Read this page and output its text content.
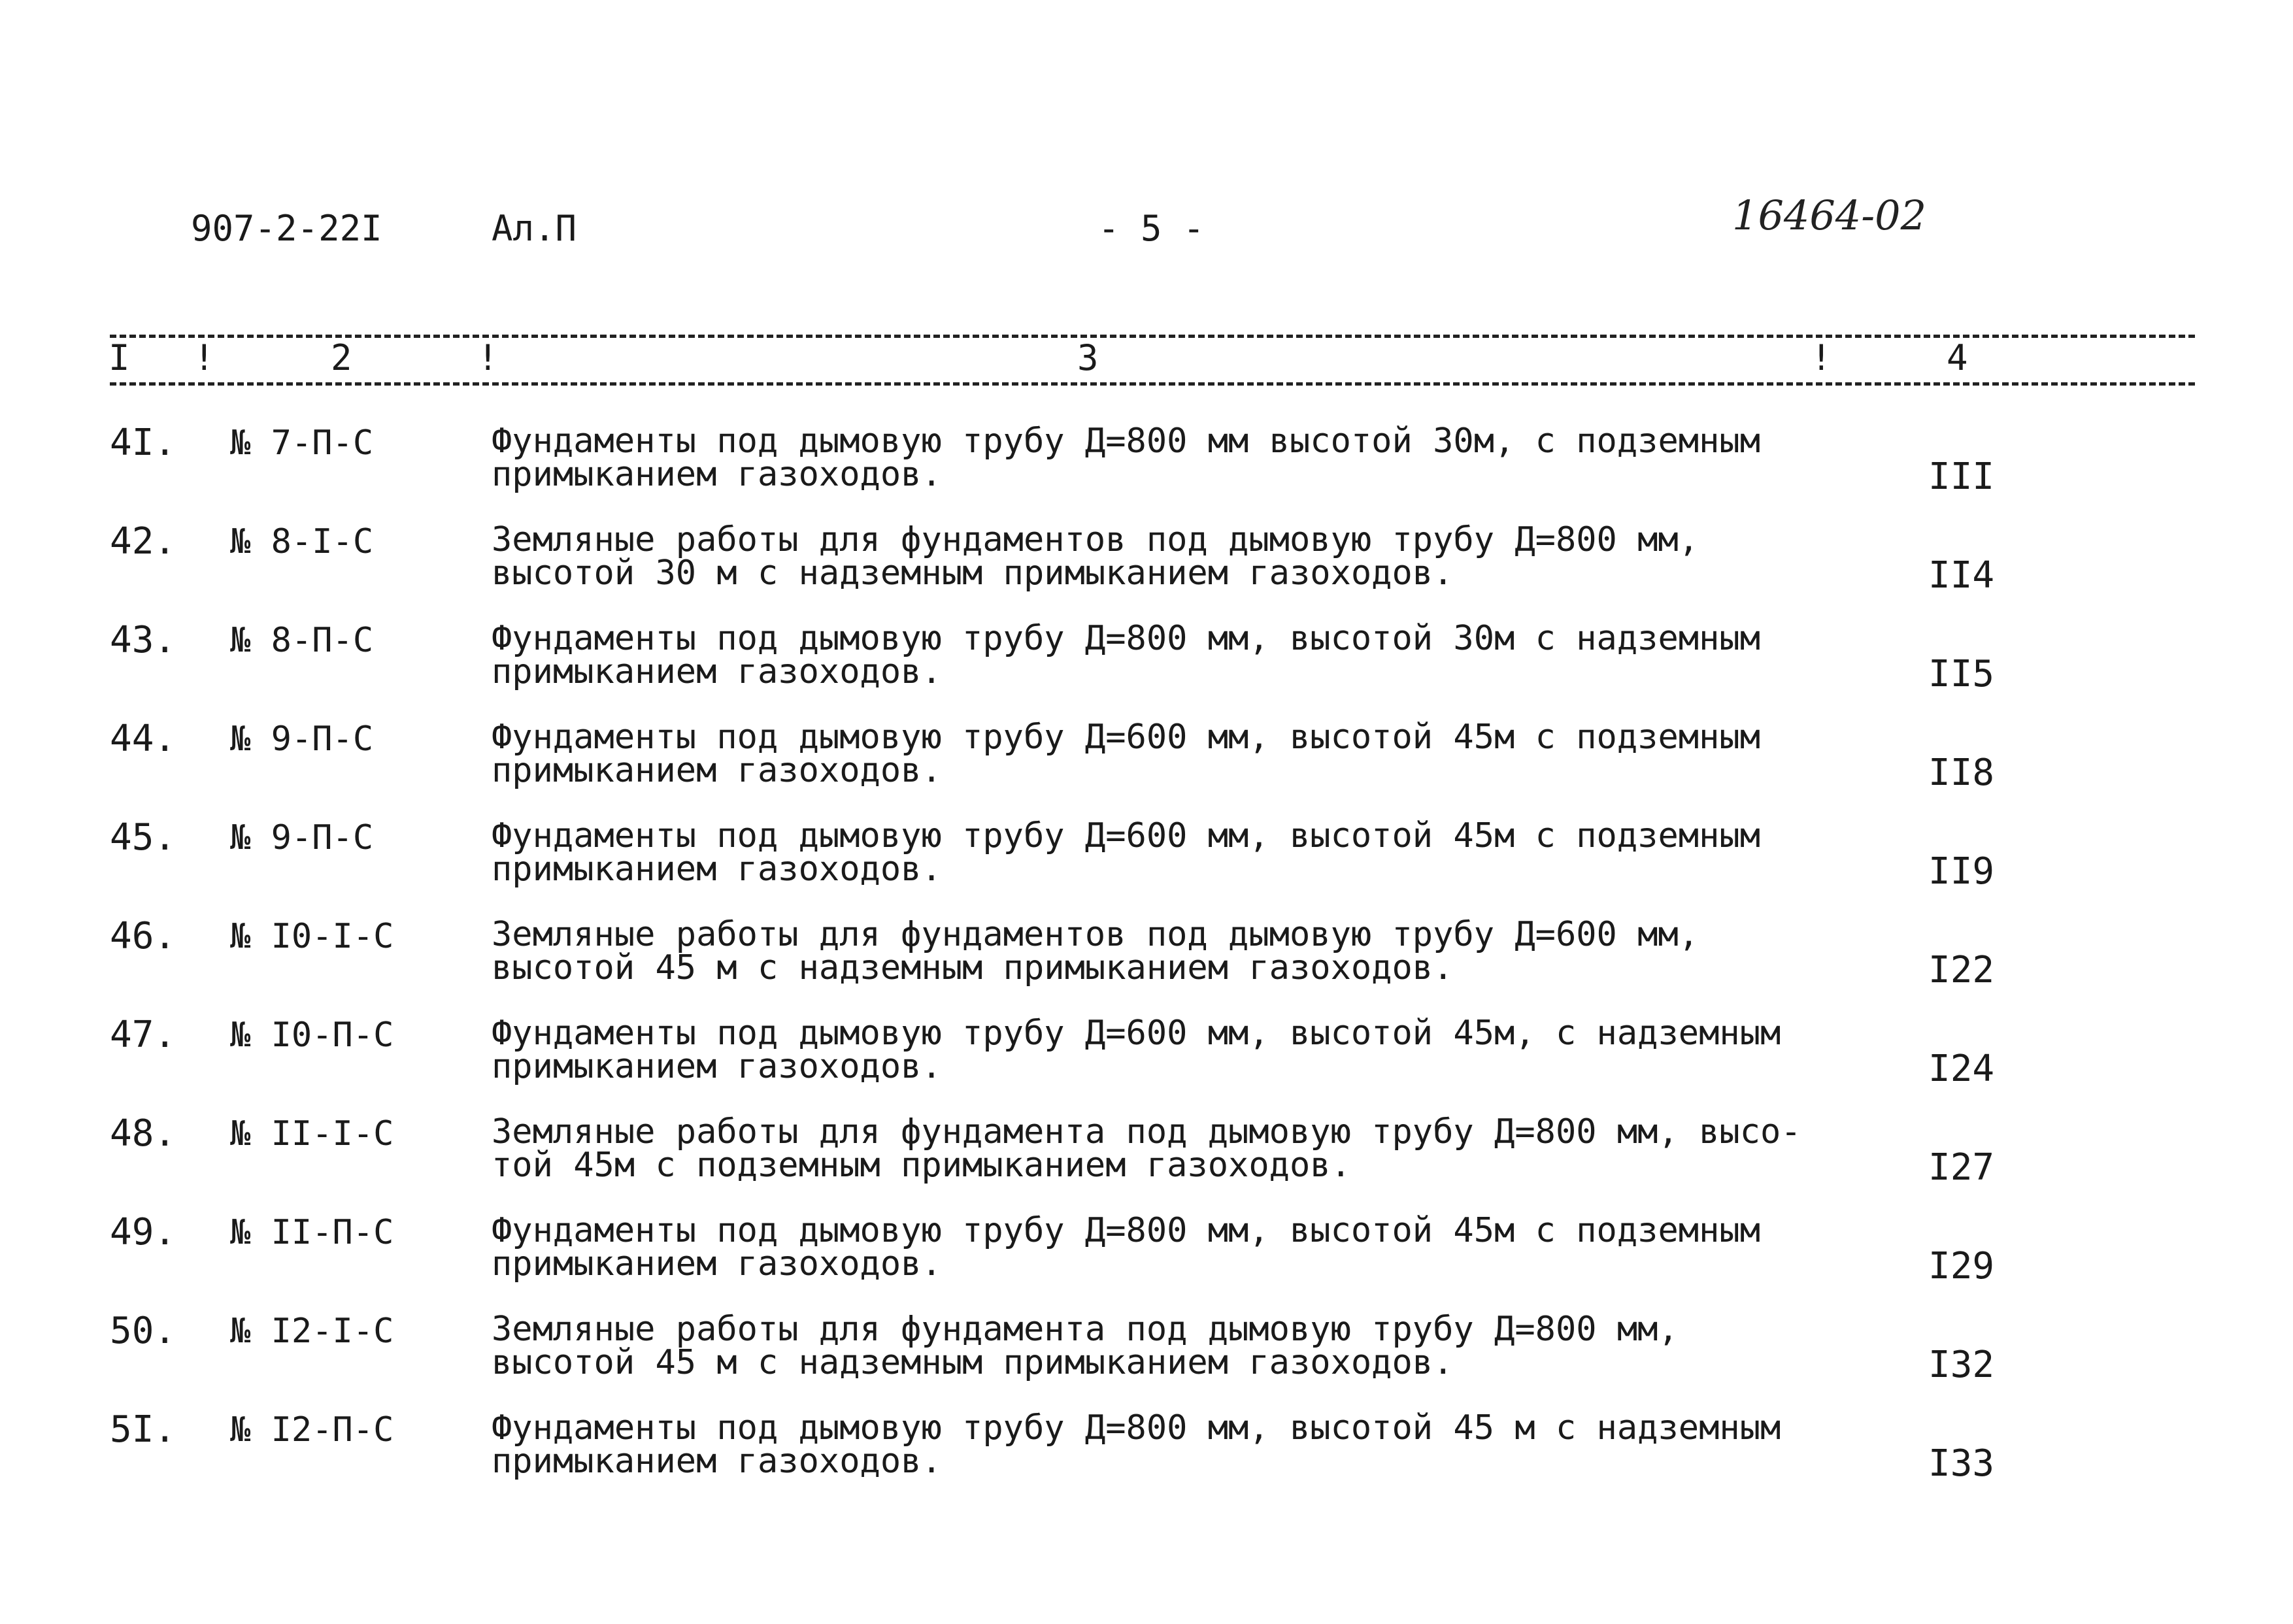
907-2-22I	Ал.П	- 5 -	16464-02
I !	2	!	3	!	4
4I. № 7-П-С	Фундаменты под дымовую трубу Д=800 мм высотой 30м, с подземным
примыканием газоходов.	III
42. № 8-I-С	Земляные работы для фундаментов под дымовую трубу Д=800 мм,
высотой 30 м с надземным примыканием газоходов.	II4
43. № 8-П-С	Фундаменты под дымовую трубу Д=800 мм, высотой 30м с надземным
примыканием газоходов.	II5
44. № 9-П-С	Фундаменты под дымовую трубу Д=600 мм, высотой 45м с подземным
примыканием газоходов.	II8
45. № 9-П-С	Фундаменты под дымовую трубу Д=600 мм, высотой 45м с подземным
примыканием газоходов.	II9
46. № I0-I-С	Земляные работы для фундаментов под дымовую трубу Д=600 мм,
высотой 45 м с надземным примыканием газоходов.	I22
47. № I0-П-С	Фундаменты под дымовую трубу Д=600 мм, высотой 45м, с надземным
примыканием газоходов.	I24
48. № II-I-С	Земляные работы для фундамента под дымовую трубу Д=800 мм, высо-
той 45м с подземным примыканием газоходов.	I27
49. № II-П-С	Фундаменты под дымовую трубу Д=800 мм, высотой 45м с подземным
примыканием газоходов.	I29
50. № I2-I-С	Земляные работы для фундамента под дымовую трубу Д=800 мм,
высотой 45 м с надземным примыканием газоходов.	I32
5I. № I2-П-С	Фундаменты под дымовую трубу Д=800 мм, высотой 45 м с надземным
примыканием газоходов.	I33
